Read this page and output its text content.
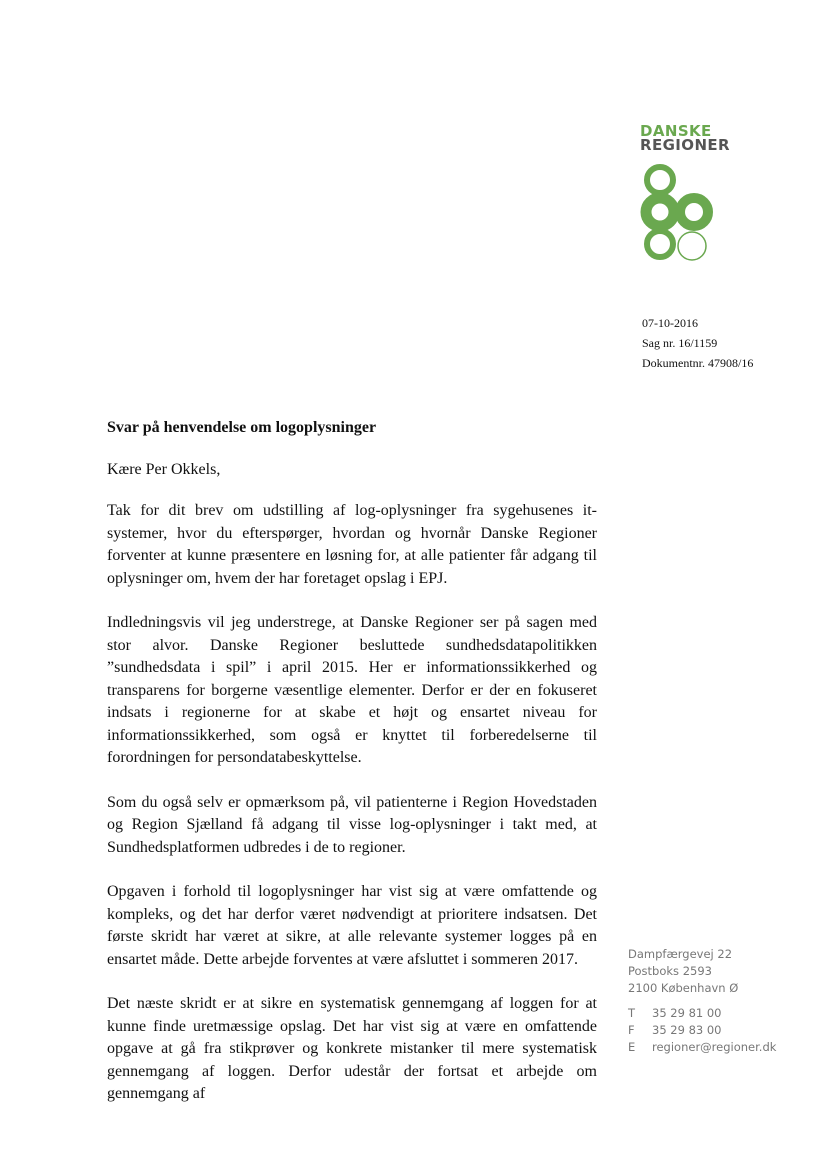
DANSKE
REGIONER
07-10-2016
Sag nr. 16/1159
Dokumentnr. 47908/16
Svar på henvendelse om logoplysninger
Kære Per Okkels,

Tak for dit brev om udstilling af log-oplysninger fra sygehusenes it-systemer, hvor du efterspørger, hvordan og hvornår Danske Regioner forventer at kunne præsentere en løsning for, at alle patienter får adgang til oplysninger om, hvem der har foretaget opslag i EPJ.

Indledningsvis vil jeg understrege, at Danske Regioner ser på sagen med stor alvor. Danske Regioner besluttede sundhedsdatapolitikken ”sundhedsdata i spil” i april 2015. Her er informationssikkerhed og transparens for borgerne væsentlige elementer. Derfor er der en fokuseret indsats i regionerne for at skabe et højt og ensartet niveau for informationssikkerhed, som også er knyttet til forberedelserne til forordningen for persondatabeskyttelse.

Som du også selv er opmærksom på, vil patienterne i Region Hovedstaden og Region Sjælland få adgang til visse log-oplysninger i takt med, at Sundhedsplatformen udbredes i de to regioner.

Opgaven i forhold til logoplysninger har vist sig at være omfattende og kompleks, og det har derfor været nødvendigt at prioritere indsatsen. Det første skridt har været at sikre, at alle relevante systemer logges på en ensartet måde. Dette arbejde forventes at være afsluttet i sommeren 2017.

Det næste skridt er at sikre en systematisk gennemgang af loggen for at kunne finde uretmæssige opslag. Det har vist sig at være en omfattende opgave at gå fra stikprøver og konkrete mistanker til mere systematisk gennemgang af loggen. Derfor udestår der fortsat et arbejde om gennemgang af

Dampfærgevej 22
Postboks 2593
2100 København Ø
T 35 29 81 00
F 35 29 83 00
E regioner@regioner.dk
